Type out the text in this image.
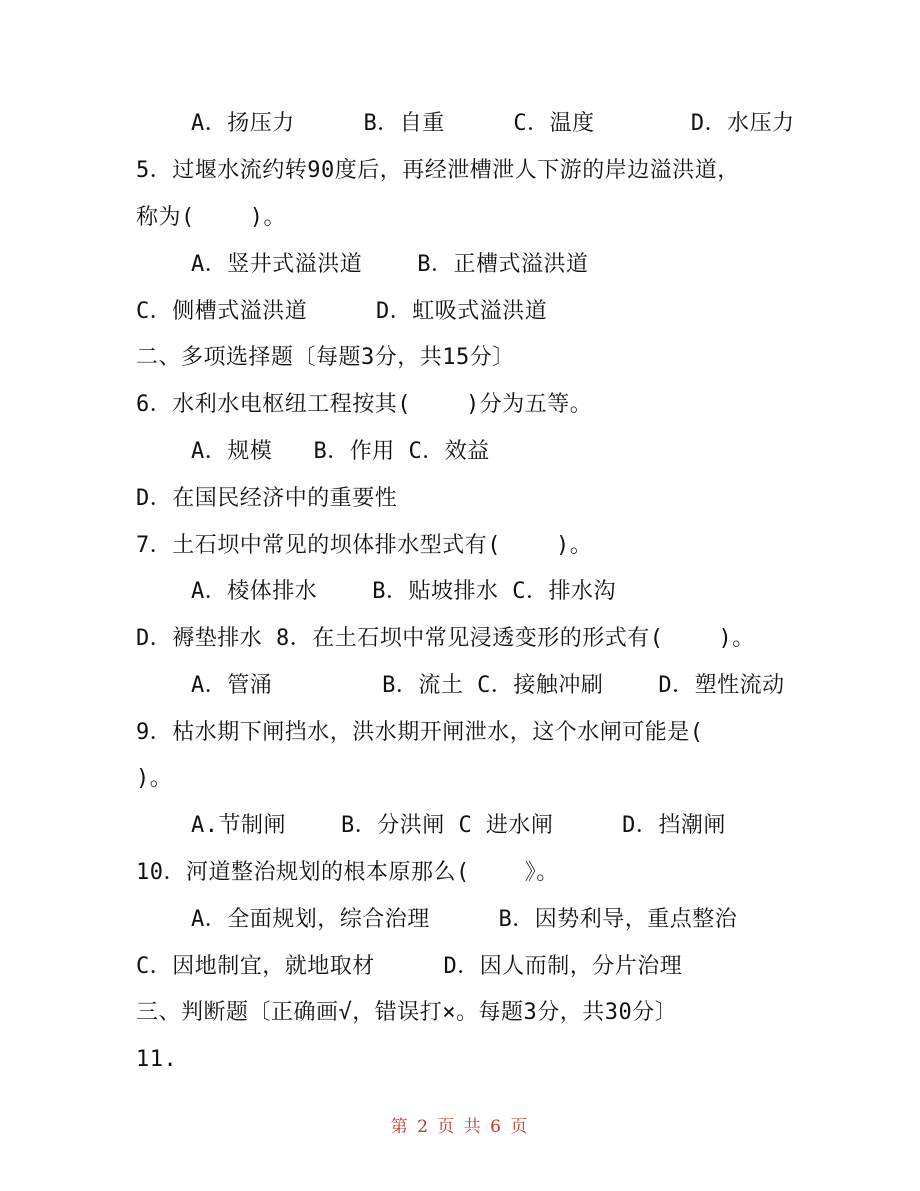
A．扬压力     B．自重     C．温度       D．水压力
5．过堰水流约转90度后，再经泄槽泄人下游的岸边溢洪道，
称为(    )。
A．竖井式溢洪道    B．正槽式溢洪道
C．侧槽式溢洪道     D．虹吸式溢洪道
二、多项选择题〔每题3分，共15分〕
6．水利水电枢纽工程按其(    )分为五等。
A．规模   B．作用 C．效益
D．在国民经济中的重要性
7．土石坝中常见的坝体排水型式有(    )。
A．棱体排水    B．贴坡排水 C．排水沟
D．褥垫排水 8．在土石坝中常见浸透变形的形式有(    )。
A．管涌        B．流土 C．接触冲刷    D．塑性流动
9．枯水期下闸挡水，洪水期开闸泄水，这个水闸可能是(
)。
A.节制闸    B．分洪闸 C 进水闸     D．挡潮闸
10．河道整治规划的根本原那么(    》。
A．全面规划，综合治理     B．因势利导，重点整治
C．因地制宜，就地取材     D．因人而制，分片治理
三、判断题〔正确画√，错误打×。每题3分，共30分〕
11.
第 2 页 共 6 页
